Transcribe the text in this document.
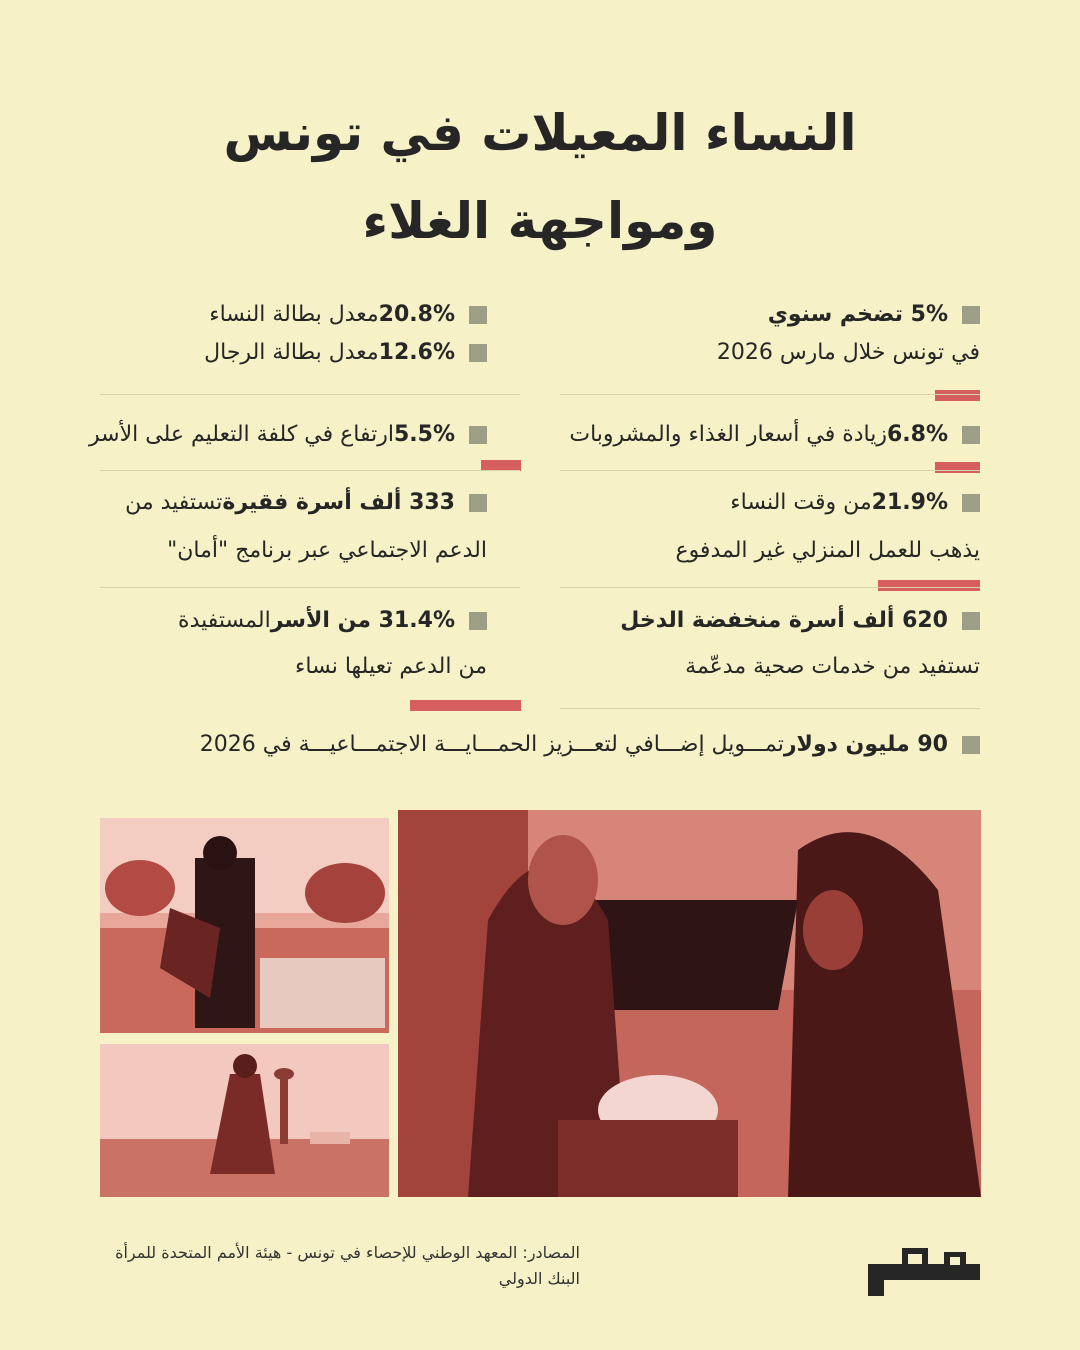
النساء المعيلات في تونس
ومواجهة الغلاء
5% تضخم سنوي
في تونس خلال مارس 2026
6.8%
زيادة في أسعار الغذاء والمشروبات
21.9%
من وقت النساء
يذهب للعمل المنزلي غير المدفوع
620 ألف أسرة منخفضة الدخل
تستفيد من خدمات صحية مدعّمة
20.8%
معدل بطالة النساء
12.6%
معدل بطالة الرجال
5.5%
ارتفاع في كلفة التعليم على الأسر
333 ألف أسرة فقيرة
تستفيد من
الدعم الاجتماعي عبر برنامج "أمان"
31.4% من الأسر
المستفيدة
من الدعم تعيلها نساء
90 مليون دولار
تمـــويل إضـــافي لتعـــزيز الحمـــايـــة الاجتمـــاعيـــة في 2026
المصادر: المعهد الوطني للإحصاء في تونس - هيئة الأمم المتحدة للمرأة
البنك الدولي
